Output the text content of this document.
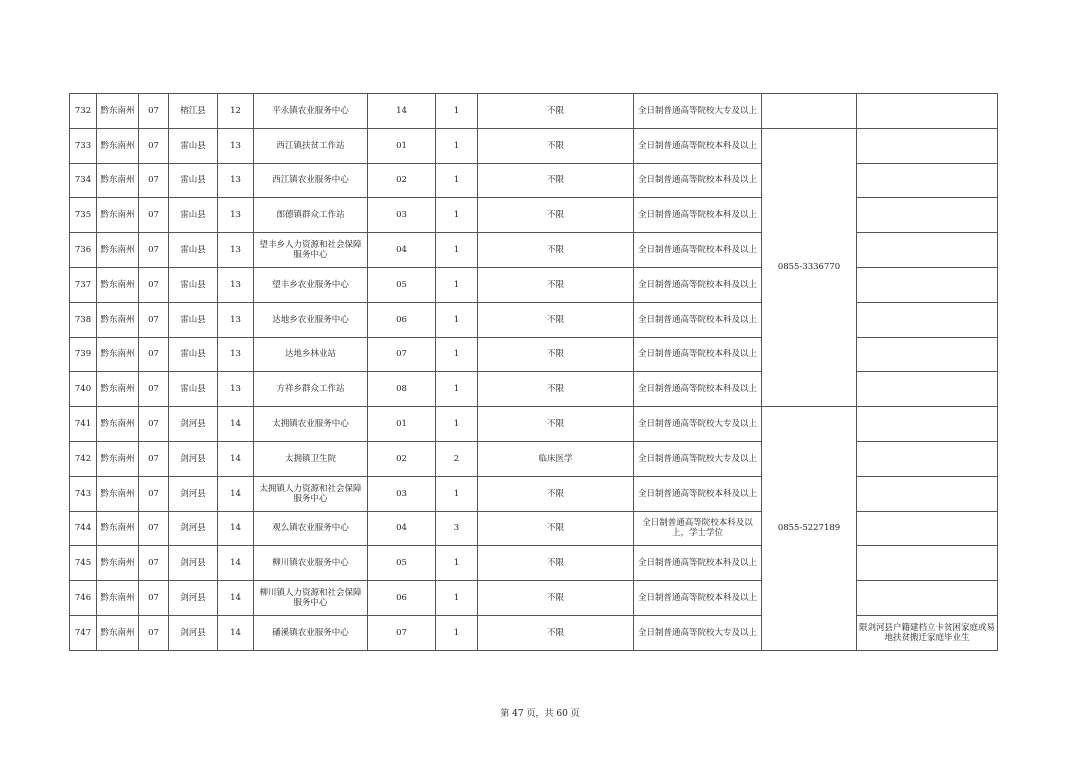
732	黔东南州	07	榕江县	12	平永镇农业服务中心	14	1	不限	全日制普通高等院校大专及以上		
733	黔东南州	07	雷山县	13	西江镇扶贫工作站	01	1	不限	全日制普通高等院校本科及以上	0855-3336770	
734	黔东南州	07	雷山县	13	西江镇农业服务中心	02	1	不限	全日制普通高等院校本科及以上		
735	黔东南州	07	雷山县	13	郎德镇群众工作站	03	1	不限	全日制普通高等院校本科及以上		
736	黔东南州	07	雷山县	13	望丰乡人力资源和社会保障服务中心	04	1	不限	全日制普通高等院校本科及以上		
737	黔东南州	07	雷山县	13	望丰乡农业服务中心	05	1	不限	全日制普通高等院校本科及以上		
738	黔东南州	07	雷山县	13	达地乡农业服务中心	06	1	不限	全日制普通高等院校本科及以上		
739	黔东南州	07	雷山县	13	达地乡林业站	07	1	不限	全日制普通高等院校本科及以上		
740	黔东南州	07	雷山县	13	方祥乡群众工作站	08	1	不限	全日制普通高等院校本科及以上		
741	黔东南州	07	剑河县	14	太拥镇农业服务中心	01	1	不限	全日制普通高等院校大专及以上	0855-5227189	
742	黔东南州	07	剑河县	14	太拥镇卫生院	02	2	临床医学	全日制普通高等院校大专及以上		
743	黔东南州	07	剑河县	14	太拥镇人力资源和社会保障服务中心	03	1	不限	全日制普通高等院校本科及以上		
744	黔东南州	07	剑河县	14	观么镇农业服务中心	04	3	不限	全日制普通高等院校本科及以上，学士学位		
745	黔东南州	07	剑河县	14	柳川镇农业服务中心	05	1	不限	全日制普通高等院校本科及以上		
746	黔东南州	07	剑河县	14	柳川镇人力资源和社会保障服务中心	06	1	不限	全日制普通高等院校本科及以上		
747	黔东南州	07	剑河县	14	磻溪镇农业服务中心	07	1	不限	全日制普通高等院校大专及以上		限剑河县户籍建档立卡贫困家庭或易地扶贫搬迁家庭毕业生
第 47 页，共 60 页
